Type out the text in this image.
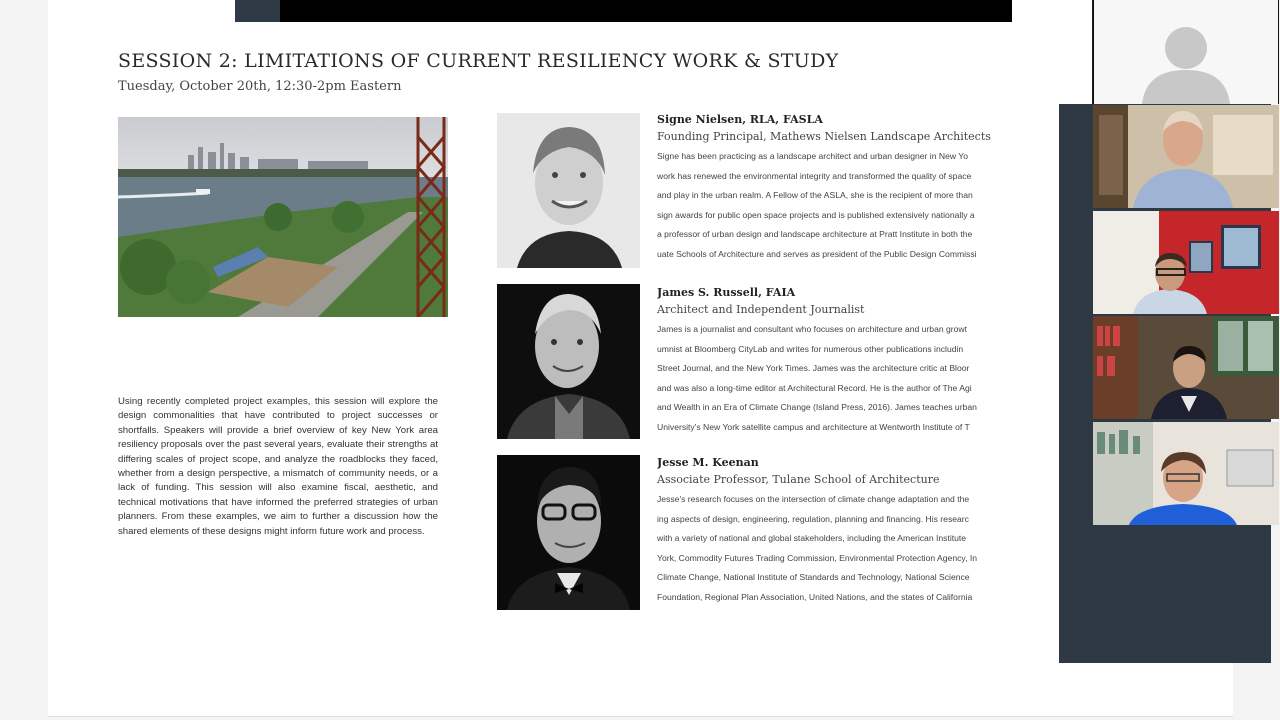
SESSION 2: LIMITATIONS OF CURRENT RESILIENCY WORK & STUDY
Tuesday, October 20th, 12:30-2pm Eastern
Using recently completed project examples, this session will explore the design commonalities that have contributed to project successes or shortfalls. Speakers will provide a brief overview of key New York area resiliency proposals over the past several years, evaluate their strengths at differing scales of project scope, and analyze the roadblocks they faced, whether from a design perspective, a mismatch of community needs, or a lack of funding. This session will also examine fiscal, aesthetic, and technical motivations that have informed the preferred strategies of urban planners. From these examples, we aim to further a discussion how the shared elements of these designs might inform future work and process.
Signe Nielsen, RLA, FASLA
Founding Principal, Mathews Nielsen Landscape Architects

Signe has been practicing as a landscape architect and urban designer in New Yo

work has renewed the environmental integrity and transformed the quality of space

and play in the urban realm. A Fellow of the ASLA, she is the recipient of more than

sign awards for public open space projects and is published extensively nationally a

a professor of urban design and landscape architecture at Pratt Institute in both the

uate Schools of Architecture and serves as president of the Public Design Commissi

James S. Russell, FAIA
Architect and Independent Journalist

James is a journalist and consultant who focuses on architecture and urban growt

umnist at Bloomberg CityLab and writes for numerous other publications includin

Street Journal, and the New York Times. James was the architecture critic at Bloor

and was also a long-time editor at Architectural Record. He is the author of The Agi

and Wealth in an Era of Climate Change (Island Press, 2016). James teaches urban

University's New York satellite campus and architecture at Wentworth Institute of T

Jesse M. Keenan
Associate Professor, Tulane School of Architecture

Jesse's research focuses on the intersection of climate change adaptation and the

ing aspects of design, engineering, regulation, planning and financing. His researc

with a variety of national and global stakeholders, including the American Institute

York, Commodity Futures Trading Commission, Environmental Protection Agency, In

Climate Change, National Institute of Standards and Technology, National Science

Foundation, Regional Plan Association, United Nations, and the states of California
